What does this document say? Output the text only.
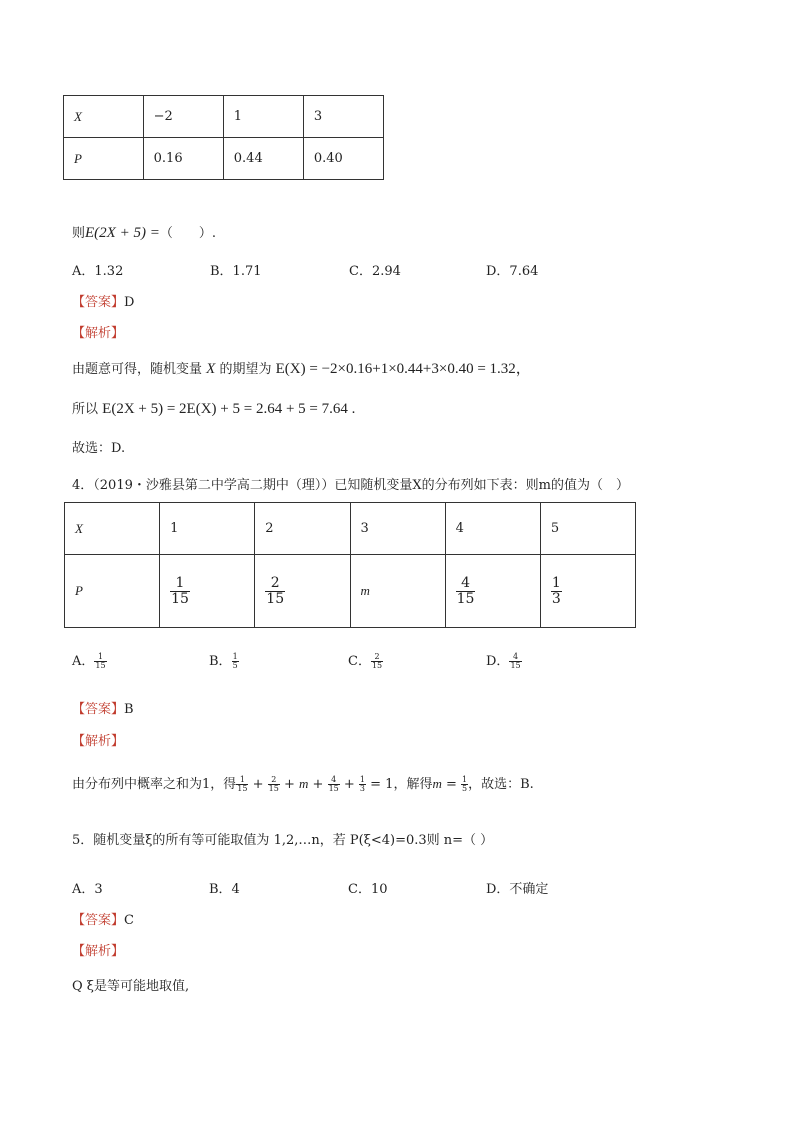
X	−2	1	3
P	0.16	0.44	0.40
则E(2X + 5) =（　　）.
A．1.32	B．1.71	C．2.94	D．7.64
【答案】D
【解析】
由题意可得，随机变量 X 的期望为 E(X) = −2×0.16+1×0.44+3×0.40 = 1.32，
所以 E(2X + 5) = 2E(X) + 5 = 2.64 + 5 = 7.64 .
故选：D.
4．（2019・沙雅县第二中学高二期中（理））已知随机变量X的分布列如下表：则m的值为（　）
X	1	2	3	4	5
P	$\frac{1}{15}$	$\frac{2}{15}$	m	$\frac{4}{15}$	$\frac{1}{3}$
A． $\frac{1}{15}$	B． $\frac{1}{5}$	C． $\frac{2}{15}$	D． $\frac{4}{15}$
【答案】B
【解析】
由分布列中概率之和为1，得 $\frac{1}{15} + \frac{2}{15} + m + \frac{4}{15} + \frac{1}{3} = 1$，解得$m = \frac{1}{5}$ ，故选：B.
5．随机变量ξ的所有等可能取值为 1,2,…n，若 P(ξ<4)=0.3则 n=（ ）
A．3	B．4	C．10	D．不确定
【答案】C
【解析】
Q ξ是等可能地取值,
